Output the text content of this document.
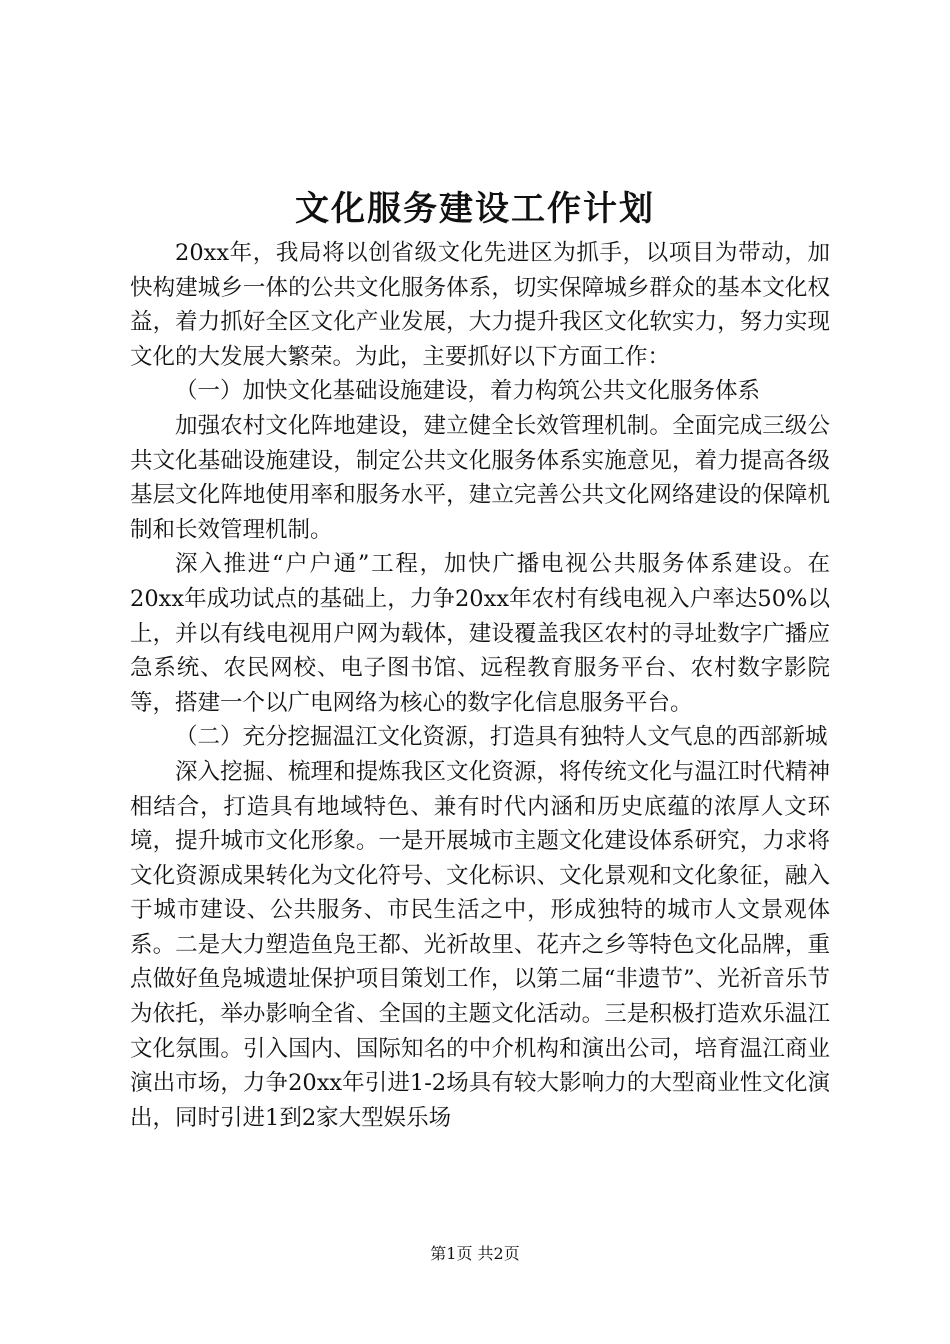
文化服务建设工作计划

20xx年，我局将以创省级文化先进区为抓手，以项目为带动，加快构建城乡一体的公共文化服务体系，切实保障城乡群众的基本文化权益，着力抓好全区文化产业发展，大力提升我区文化软实力，努力实现文化的大发展大繁荣。为此，主要抓好以下方面工作：

（一）加快文化基础设施建设，着力构筑公共文化服务体系

加强农村文化阵地建设，建立健全长效管理机制。全面完成三级公共文化基础设施建设，制定公共文化服务体系实施意见，着力提高各级基层文化阵地使用率和服务水平，建立完善公共文化网络建设的保障机制和长效管理机制。

深入推进“户户通”工程，加快广播电视公共服务体系建设。在20xx年成功试点的基础上，力争20xx年农村有线电视入户率达50%以上，并以有线电视用户网为载体，建设覆盖我区农村的寻址数字广播应急系统、农民网校、电子图书馆、远程教育服务平台、农村数字影院等，搭建一个以广电网络为核心的数字化信息服务平台。

（二）充分挖掘温江文化资源，打造具有独特人文气息的西部新城

深入挖掘、梳理和提炼我区文化资源，将传统文化与温江时代精神相结合，打造具有地域特色、兼有时代内涵和历史底蕴的浓厚人文环境，提升城市文化形象。一是开展城市主题文化建设体系研究，力求将文化资源成果转化为文化符号、文化标识、文化景观和文化象征，融入于城市建设、公共服务、市民生活之中，形成独特的城市人文景观体系。二是大力塑造鱼凫王都、光祈故里、花卉之乡等特色文化品牌，重点做好鱼凫城遗址保护项目策划工作，以第二届“非遗节”、光祈音乐节为依托，举办影响全省、全国的主题文化活动。三是积极打造欢乐温江文化氛围。引入国内、国际知名的中介机构和演出公司，培育温江商业演出市场，力争20xx年引进1-2场具有较大影响力的大型商业性文化演出，同时引进1到2家大型娱乐场

第1页 共2页
